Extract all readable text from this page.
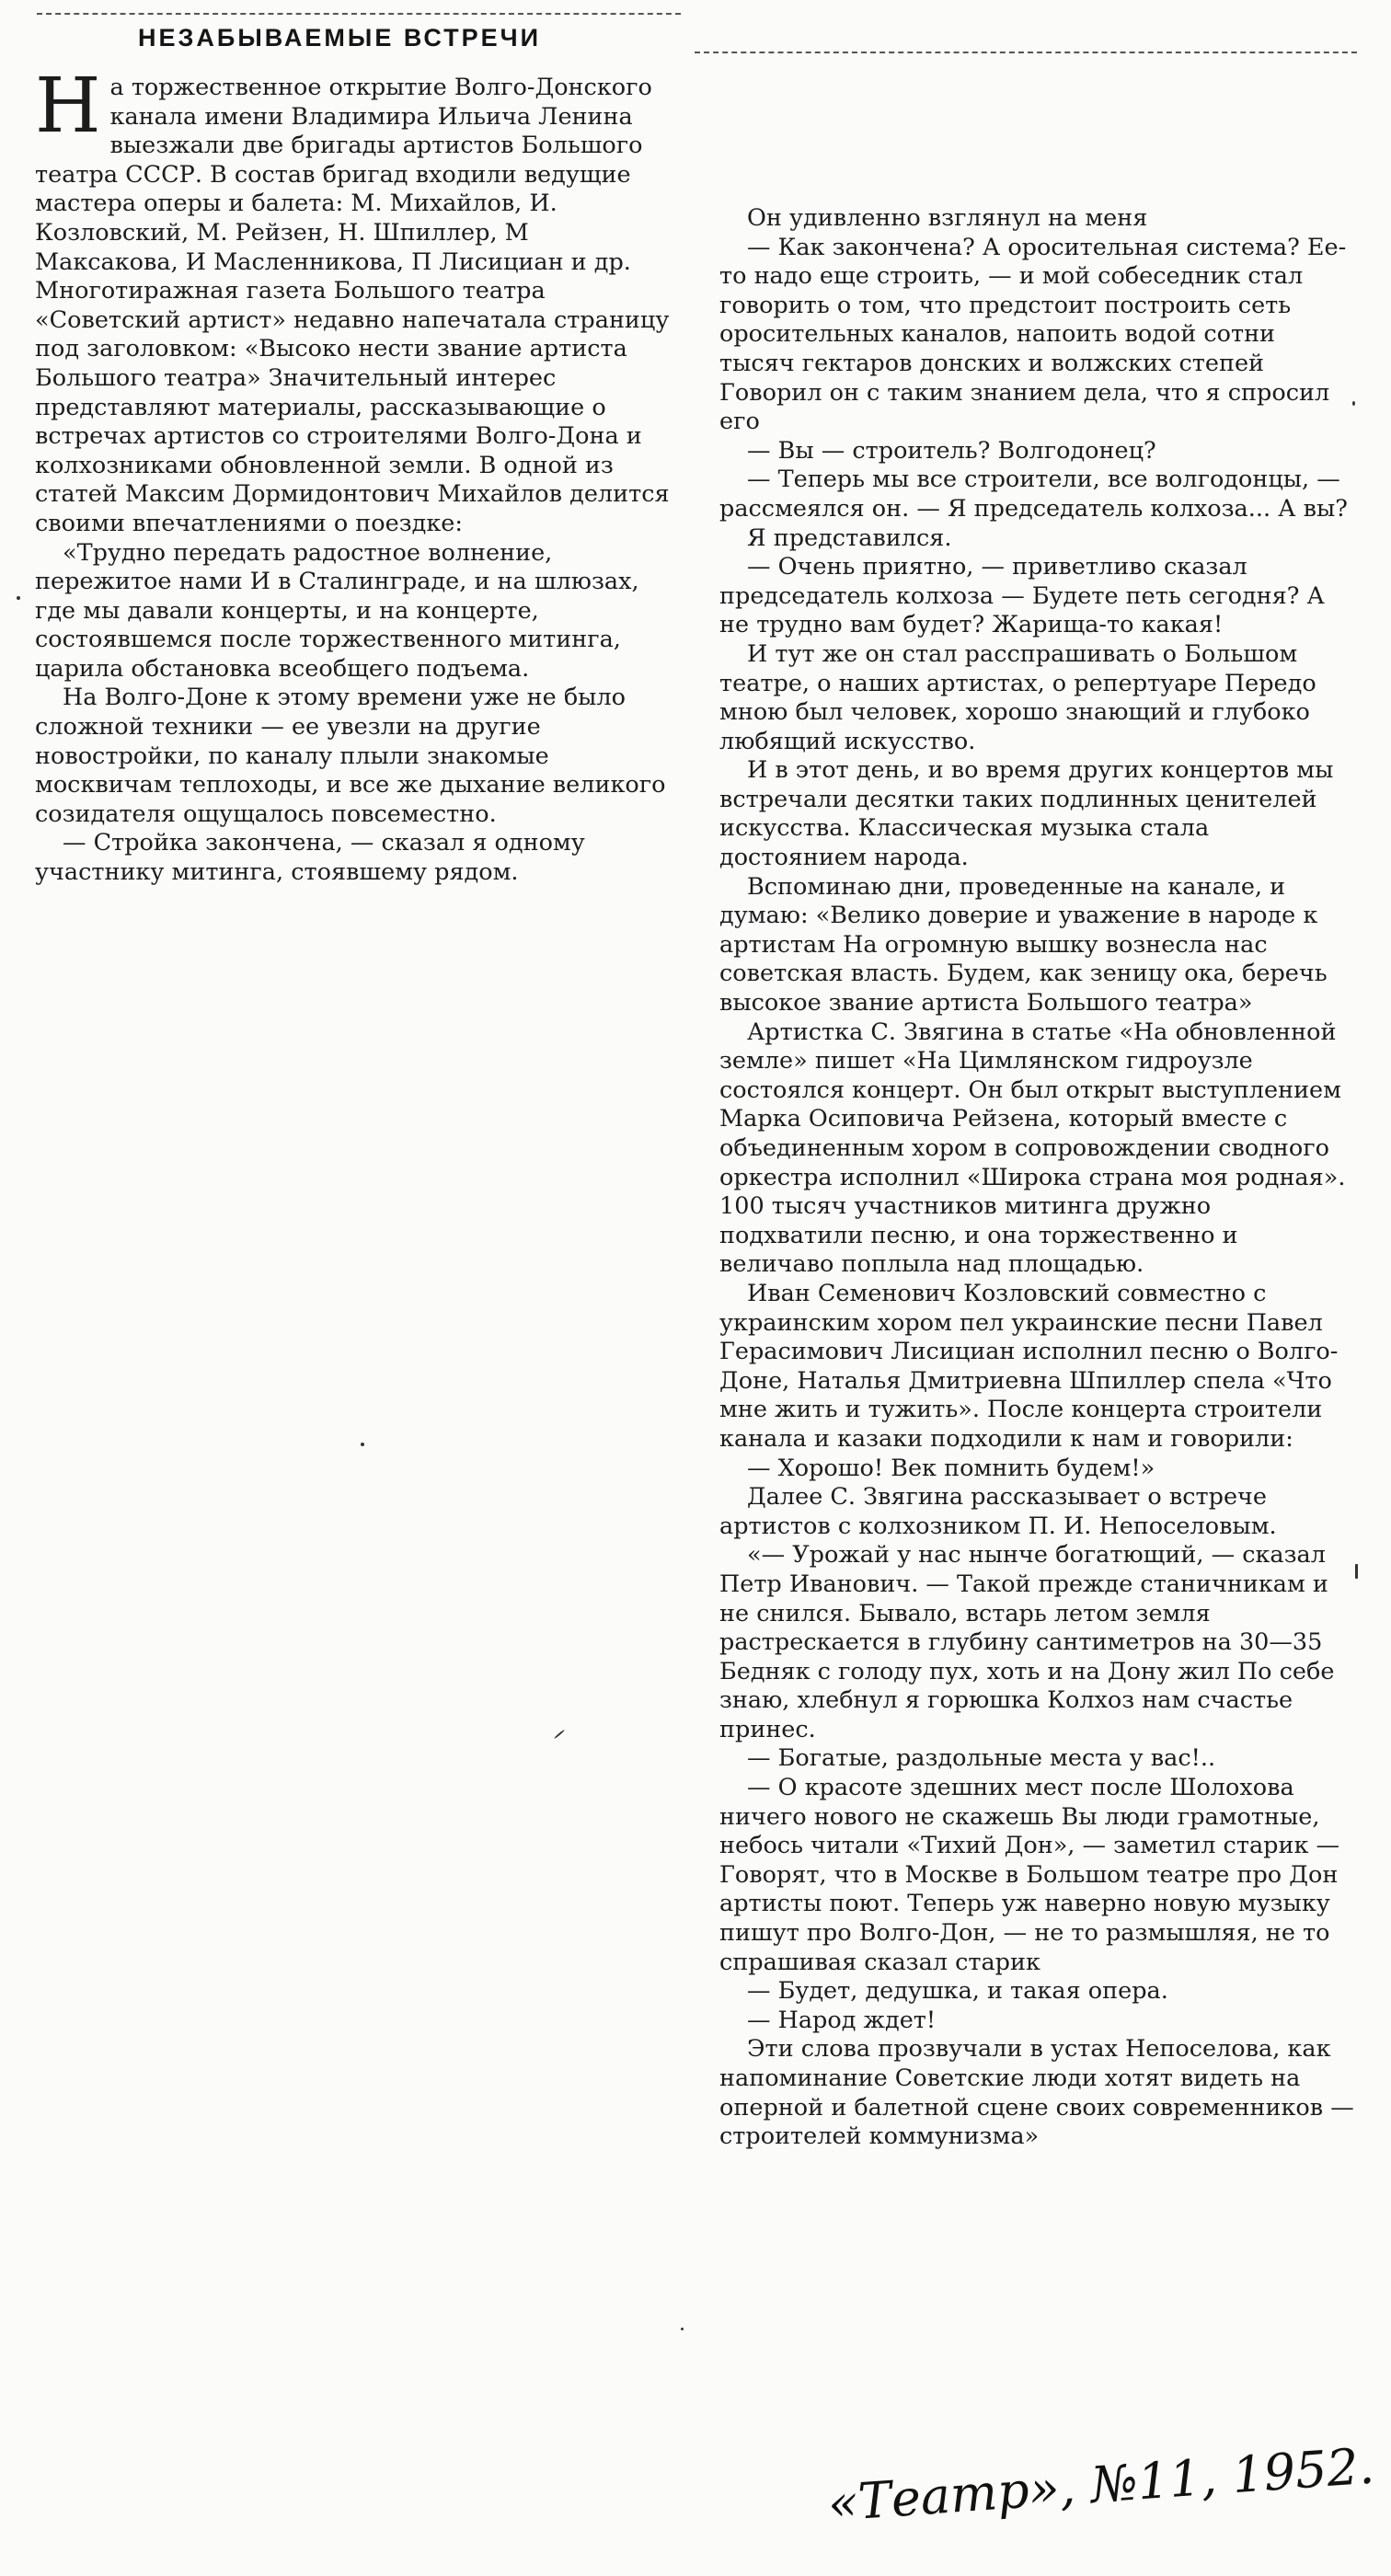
НЕЗАБЫВАЕМЫЕ ВСТРЕЧИ

На торжественное открытие Волго-Донского канала имени Владимира Ильича Ленина выезжали две бригады артистов Большого театра СССР. В состав бригад входили ведущие мастера оперы и балета: М. Михайлов, И. Козловский, М. Рейзен, Н. Шпиллер, М Максакова, И Масленникова, П Лисициан и др. Многотиражная газета Большого театра «Советский артист» недавно напечатала страницу под заголовком: «Высоко нести звание артиста Большого театра» Значительный интерес представляют материалы, рассказывающие о встречах артистов со строителями Волго-Дона и колхозниками обновленной земли. В одной из статей Максим Дормидонтович Михайлов делится своими впечатлениями о поездке:

«Трудно передать радостное волнение, пережитое нами И в Сталинграде, и на шлюзах, где мы давали концерты, и на концерте, состоявшемся после торжественного митинга, царила обстановка всеобщего подъема.

На Волго-Доне к этому времени уже не было сложной техники — ее увезли на другие новостройки, по каналу плыли знакомые москвичам теплоходы, и все же дыхание великого созидателя ощущалось повсеместно.

— Стройка закончена, — сказал я одному участнику митинга, стоявшему рядом.

Он удивленно взглянул на меня

— Как закончена? А оросительная система? Ее-то надо еще строить, — и мой собеседник стал говорить о том, что предстоит построить сеть оросительных каналов, напоить водой сотни тысяч гектаров донских и волжских степей Говорил он с таким знанием дела, что я спросил его

— Вы — строитель? Волгодонец?

— Теперь мы все строители, все волгодонцы, — рассмеялся он. — Я председатель колхоза... А вы?

Я представился.

— Очень приятно, — приветливо сказал председатель колхоза — Будете петь сегодня? А не трудно вам будет? Жарища-то какая!

И тут же он стал расспрашивать о Большом театре, о наших артистах, о репертуаре Передо мною был человек, хорошо знающий и глубоко любящий искусство.

И в этот день, и во время других концертов мы встречали десятки таких подлинных ценителей искусства. Классическая музыка стала достоянием народа.

Вспоминаю дни, проведенные на канале, и думаю: «Велико доверие и уважение в народе к артистам На огромную вышку вознесла нас советская власть. Будем, как зеницу ока, беречь высокое звание артиста Большого театра»

Артистка С. Звягина в статье «На обновленной земле» пишет «На Цимлянском гидроузле состоялся концерт. Он был открыт выступлением Марка Осиповича Рейзена, который вместе с объединенным хором в сопровождении сводного оркестра исполнил «Широка страна моя родная». 100 тысяч участников митинга дружно подхватили песню, и она торжественно и величаво поплыла над площадью.

Иван Семенович Козловский совместно с украинским хором пел украинские песни Павел Герасимович Лисициан исполнил песню о Волго-Доне, Наталья Дмитриевна Шпиллер спела «Что мне жить и тужить». После концерта строители канала и казаки подходили к нам и говорили:

— Хорошо! Век помнить будем!»

Далее С. Звягина рассказывает о встрече артистов с колхозником П. И. Непоселовым.

«— Урожай у нас нынче богатющий, — сказал Петр Иванович. — Такой прежде станичникам и не снился. Бывало, встарь летом земля растрескается в глубину сантиметров на 30—35 Бедняк с голоду пух, хоть и на Дону жил По себе знаю, хлебнул я горюшка Колхоз нам счастье принес.

— Богатые, раздольные места у вас!..

— О красоте здешних мест после Шолохова ничего нового не скажешь Вы люди грамотные, небось читали «Тихий Дон», — заметил старик — Говорят, что в Москве в Большом театре про Дон артисты поют. Теперь уж наверно новую музыку пишут про Волго-Дон, — не то размышляя, не то спрашивая сказал старик

— Будет, дедушка, и такая опера.

— Народ ждет!

Эти слова прозвучали в устах Непоселова, как напоминание Советские люди хотят видеть на оперной и балетной сцене своих современников — строителей коммунизма»

«Театр», №11, 1952.
